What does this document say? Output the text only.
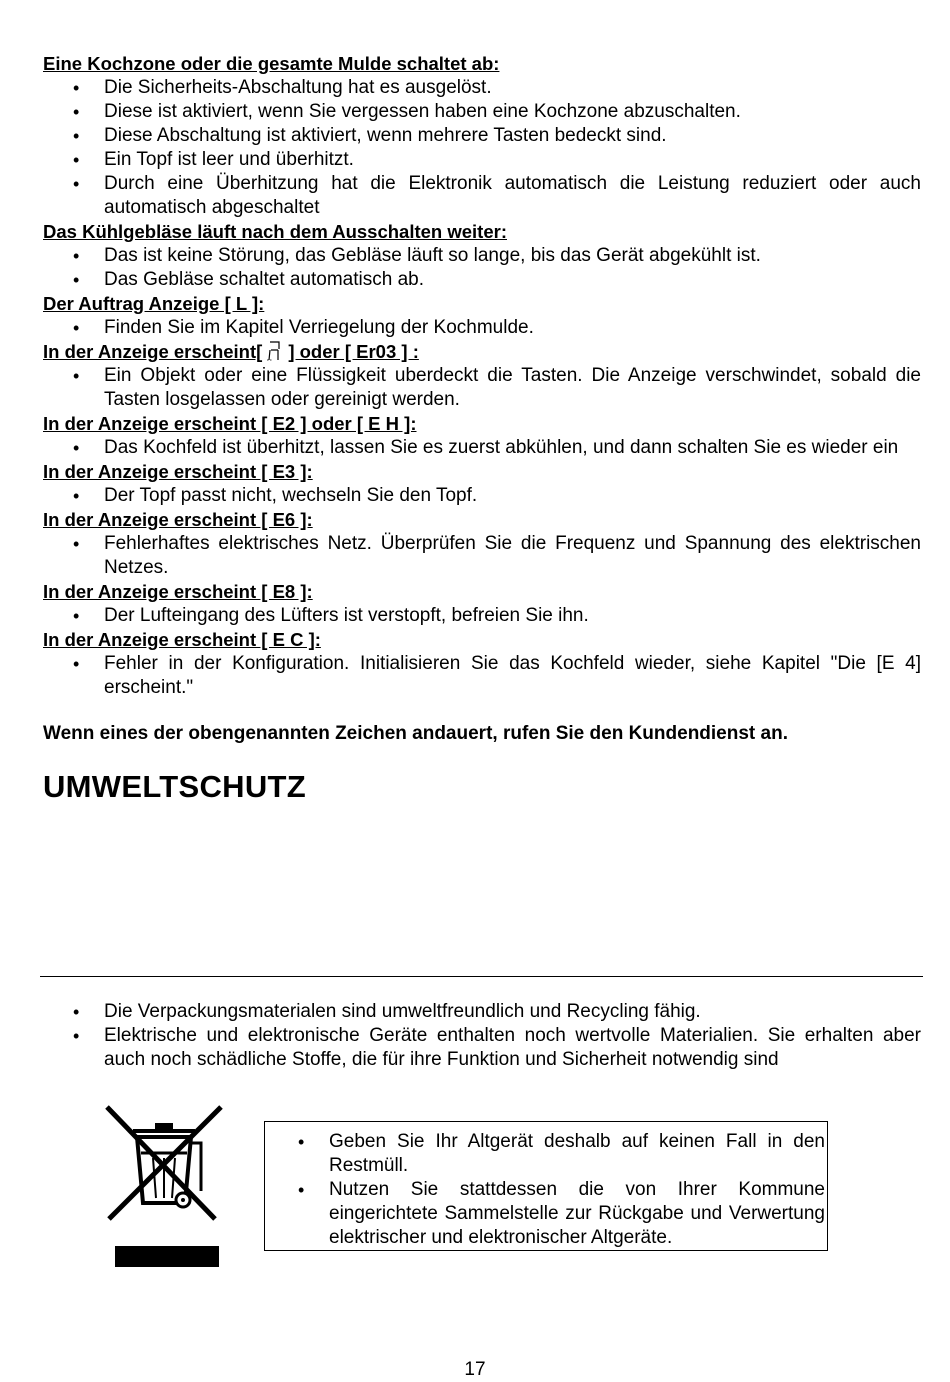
Eine Kochzone oder die gesamte Mulde schaltet ab:
• Die Sicherheits-Abschaltung hat es ausgelöst.
• Diese ist aktiviert, wenn Sie vergessen haben eine Kochzone abzuschalten.
• Diese Abschaltung ist aktiviert, wenn mehrere Tasten bedeckt sind.
• Ein Topf ist leer und überhitzt.
• Durch eine Überhitzung hat die Elektronik automatisch die Leistung reduziert oder auch automatisch abgeschaltet
Das Kühlgebläse läuft nach dem Ausschalten weiter:
• Das ist keine Störung, das Gebläse läuft so lange, bis das Gerät abgekühlt ist.
• Das Gebläse schaltet automatisch ab.
Der Auftrag Anzeige [ L ]:
• Finden Sie im Kapitel Verriegelung der Kochmulde.
In der Anzeige erscheint[ ] oder [ Er03 ] :
• Ein Objekt oder eine Flüssigkeit uberdeckt die Tasten. Die Anzeige verschwindet, sobald die Tasten losgelassen oder gereinigt werden.
In der Anzeige erscheint [ E2 ] oder [ E H ]:
• Das Kochfeld ist überhitzt, lassen Sie es zuerst abkühlen, und dann schalten Sie es wieder ein
In der Anzeige erscheint [ E3 ]:
• Der Topf passt nicht, wechseln Sie den Topf.
In der Anzeige erscheint [ E6 ]:
• Fehlerhaftes elektrisches Netz. Überprüfen Sie die Frequenz und Spannung des elektrischen Netzes.
In der Anzeige erscheint [ E8 ]:
• Der Lufteingang des Lüfters ist verstopft, befreien Sie ihn.
In der Anzeige erscheint [ E C ]:
• Fehler in der Konfiguration. Initialisieren Sie das Kochfeld wieder, siehe Kapitel "Die [E 4] erscheint."
Wenn eines der obengenannten Zeichen andauert, rufen Sie den Kundendienst an.
UMWELTSCHUTZ
• Die Verpackungsmaterialen sind umweltfreundlich und Recycling fähig.
• Elektrische und elektronische Geräte enthalten noch wertvolle Materialien. Sie erhalten aber auch noch schädliche Stoffe, die für ihre Funktion und Sicherheit notwendig sind
• Geben Sie Ihr Altgerät deshalb auf keinen Fall in den Restmüll.
• Nutzen Sie stattdessen die von Ihrer Kommune eingerichtete Sammelstelle zur Rückgabe und Verwertung elektrischer und elektronischer Altgeräte.
17
